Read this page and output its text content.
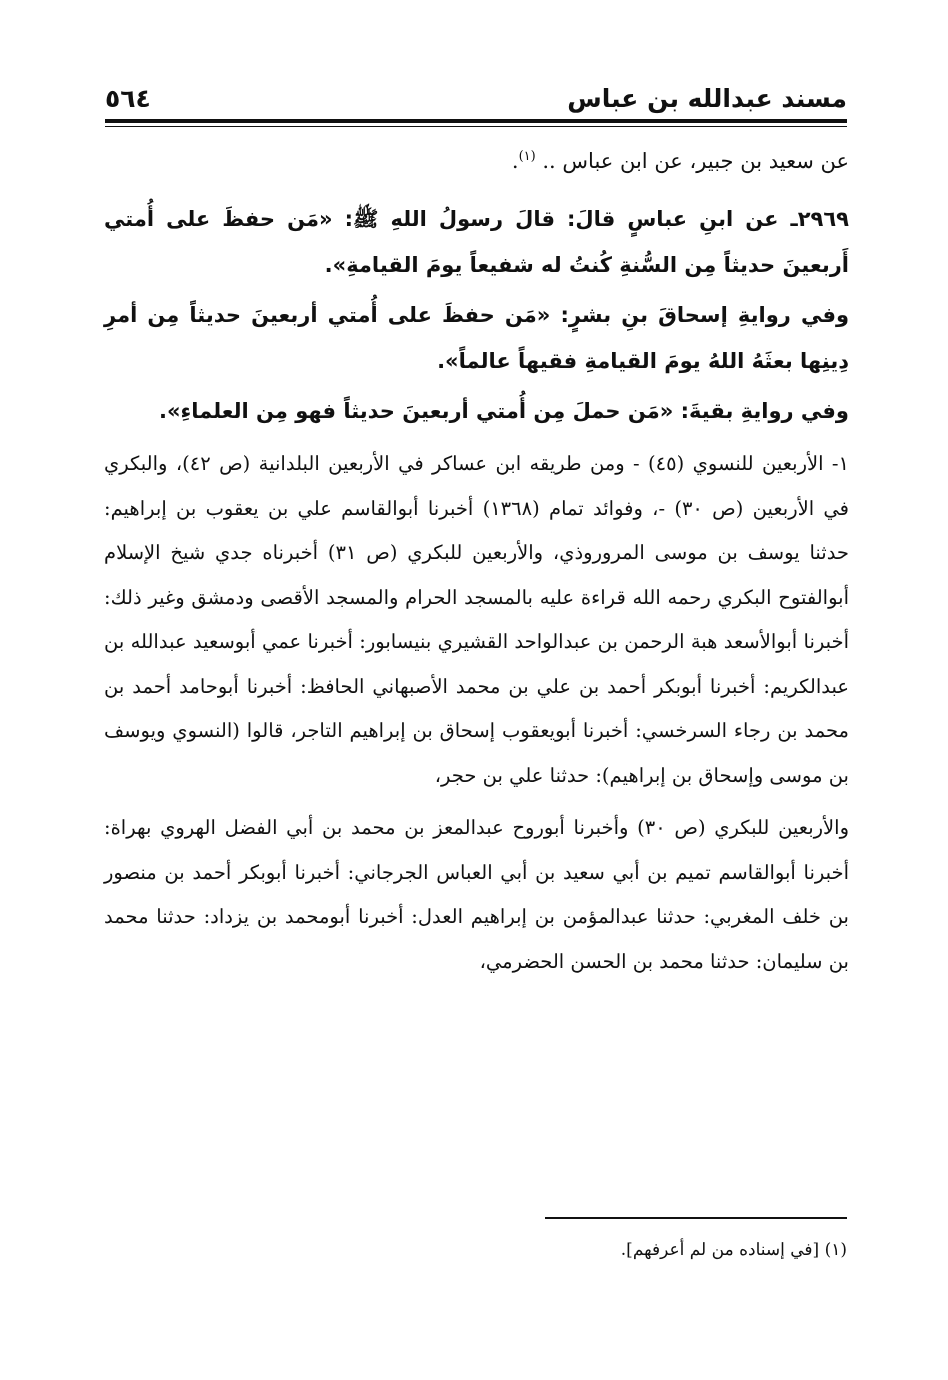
مسند عبدالله بن عباس
٥٦٤

عن سعيد بن جبير، عن ابن عباس .. $^{(١)}$.

٢٩٦٩ـ عن ابنِ عباسٍ قالَ: قالَ رسولُ اللهِ ﷺ: «مَن حفظَ على أُمتي أَربعينَ حديثاً مِن السُّنةِ كُنتُ له شفيعاً يومَ القيامةِ».

وفي روايةِ إسحاقَ بنِ بشرٍ: «مَن حفظَ على أُمتي أربعينَ حديثاً مِن أمرِ دِينِها بعثَهُ اللهُ يومَ القيامةِ فقيهاً عالماً».

وفي روايةِ بقيةَ: «مَن حملَ مِن أُمتي أربعينَ حديثاً فهو مِن العلماءِ».

١- الأربعين للنسوي (٤٥) - ومن طريقه ابن عساكر في الأربعين البلدانية (ص ٤٢)، والبكري في الأربعين (ص ٣٠) -، وفوائد تمام (١٣٦٨) أخبرنا أبوالقاسم علي بن يعقوب بن إبراهيم: حدثنا يوسف بن موسى المروروذي، والأربعين للبكري (ص ٣١) أخبرناه جدي شيخ الإسلام أبوالفتوح البكري رحمه الله قراءة عليه بالمسجد الحرام والمسجد الأقصى ودمشق وغير ذلك: أخبرنا أبوالأسعد هبة الرحمن بن عبدالواحد القشيري بنيسابور: أخبرنا عمي أبوسعيد عبدالله بن عبدالكريم: أخبرنا أبوبكر أحمد بن علي بن محمد الأصبهاني الحافظ: أخبرنا أبوحامد أحمد بن محمد بن رجاء السرخسي: أخبرنا أبويعقوب إسحاق بن إبراهيم التاجر، قالوا (النسوي ويوسف بن موسى وإسحاق بن إبراهيم): حدثنا علي بن حجر،

والأربعين للبكري (ص ٣٠) وأخبرنا أبوروح عبدالمعز بن محمد بن أبي الفضل الهروي بهراة: أخبرنا أبوالقاسم تميم بن أبي سعيد بن أبي العباس الجرجاني: أخبرنا أبوبكر أحمد بن منصور بن خلف المغربي: حدثنا عبدالمؤمن بن إبراهيم العدل: أخبرنا أبومحمد بن يزداد: حدثنا محمد بن سليمان: حدثنا محمد بن الحسن الحضرمي،

(١) [في إسناده من لم أعرفهم].
